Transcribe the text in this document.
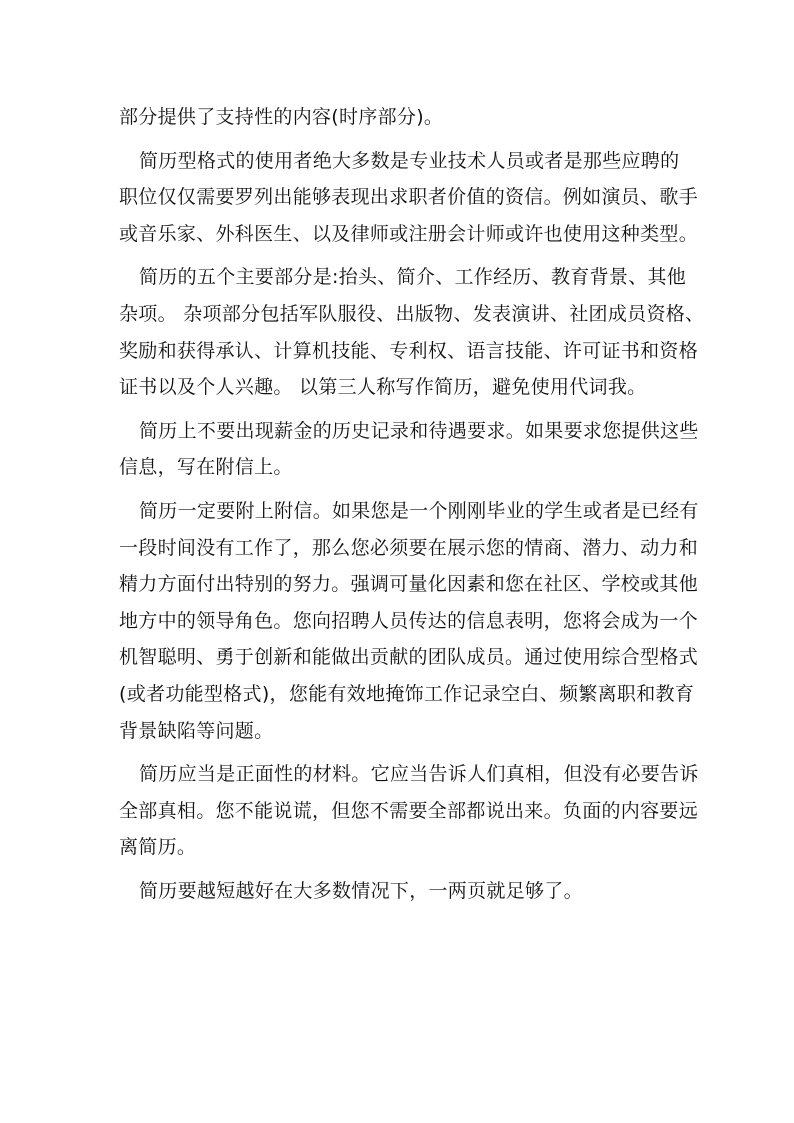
部分提供了支持性的内容(时序部分)。

简历型格式的使用者绝大多数是专业技术人员或者是那些应聘的
职位仅仅需要罗列出能够表现出求职者价值的资信。例如演员、歌手
或音乐家、外科医生、以及律师或注册会计师或许也使用这种类型。

简历的五个主要部分是:抬头、简介、工作经历、教育背景、其他
杂项。 杂项部分包括军队服役、出版物、发表演讲、社团成员资格、
奖励和获得承认、计算机技能、专利权、语言技能、许可证书和资格
证书以及个人兴趣。 以第三人称写作简历，避免使用代词我。

简历上不要出现薪金的历史记录和待遇要求。如果要求您提供这些
信息，写在附信上。

简历一定要附上附信。如果您是一个刚刚毕业的学生或者是已经有
一段时间没有工作了，那么您必须要在展示您的情商、潜力、动力和
精力方面付出特别的努力。强调可量化因素和您在社区、学校或其他
地方中的领导角色。您向招聘人员传达的信息表明，您将会成为一个
机智聪明、勇于创新和能做出贡献的团队成员。通过使用综合型格式
(或者功能型格式)，您能有效地掩饰工作记录空白、频繁离职和教育
背景缺陷等问题。

简历应当是正面性的材料。它应当告诉人们真相，但没有必要告诉
全部真相。您不能说谎，但您不需要全部都说出来。负面的内容要远
离简历。

简历要越短越好在大多数情况下，一两页就足够了。
